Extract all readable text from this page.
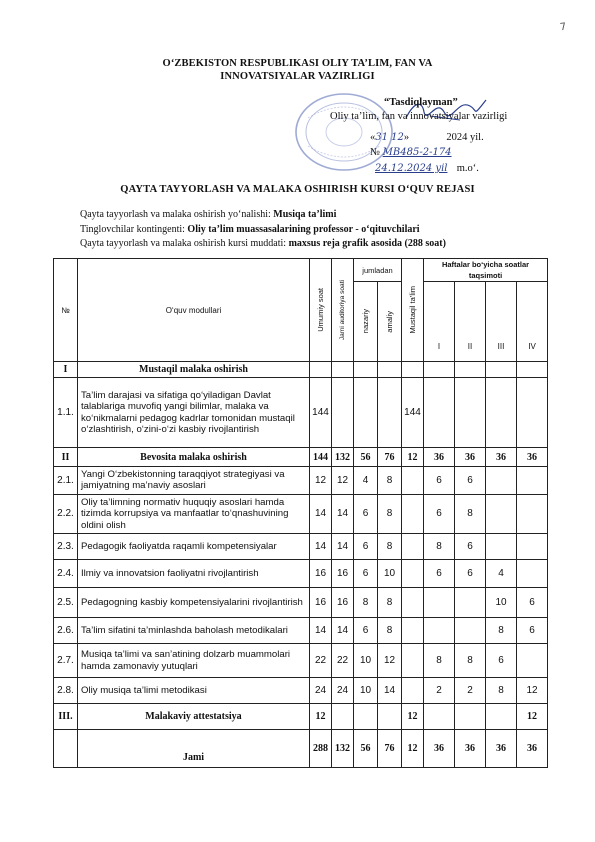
7
O‘ZBEKISTON RESPUBLIKASI OLIY TA’LIM, FAN VA
INNOVATSIYALAR VAZIRLIGI
“Tasdiqlayman”
Oliy ta’lim, fan va innovatsiyalar vazirligi
«31 12»	2024 yil.
№ МВ485-2-174
24.12.2024 yil m.o‘.
QAYTA TAYYORLASH VA MALAKA OSHIRISH KURSI O‘QUV REJASI
Qayta tayyorlash va malaka oshirish yo‘nalishi: Musiqa ta’limi
Tinglovchilar kontingenti: Oliy ta’lim muassasalarining professor - o‘qituvchilari
Qayta tayyorlash va malaka oshirish kursi muddati: maxsus reja grafik asosida (288 soat)
№	O‘quv modullari	Umumiy soat	Jami auditoriya soati	jumladan		Mustaqil ta’lim	Haftalar bo‘yicha soatlar taqsimoti			

				nazariy	amaliy		I	II	III	IV
I	Mustaqil malaka oshirish									
1.1.	Ta’lim darajasi va sifatiga qo‘yiladigan Davlat talablariga muvofiq yangi bilimlar, malaka va ko‘nikmalarni pedagog kadrlar tomonidan mustaqil o‘zlashtirish, o‘zini-o‘zi kasbiy rivojlantirish	144				144				
II	Bevosita malaka oshirish	144	132	56	76	12	36	36	36	36
2.1.	Yangi O‘zbekistonning taraqqiyot strategiyasi va jamiyatning ma’naviy asoslari	12	12	4	8		6	6		
2.2.	Oliy ta’limning normativ huquqiy asoslari hamda tizimda korrupsiya va manfaatlar to‘qnashuvining oldini olish	14	14	6	8		6	8		
2.3.	Pedagogik faoliyatda raqamli kompetensiyalar	14	14	6	8		8	6		
2.4.	Ilmiy va innovatsion faoliyatni rivojlantirish	16	16	6	10		6	6	4	
2.5.	Pedagogning kasbiy kompetensiyalarini rivojlantirish	16	16	8	8				10	6
2.6.	Ta’lim sifatini ta’minlashda baholash metodikalari	14	14	6	8				8	6
2.7.	Musiqa ta’limi va san’atining dolzarb muammolari hamda zamonaviy yutuqlari	22	22	10	12		8	8	6	
2.8.	Oliy musiqa ta’limi metodikasi	24	24	10	14		2	2	8	12
III.	Malakaviy attestatsiya	12				12				12
	Jami	288	132	56	76	12	36	36	36	36
